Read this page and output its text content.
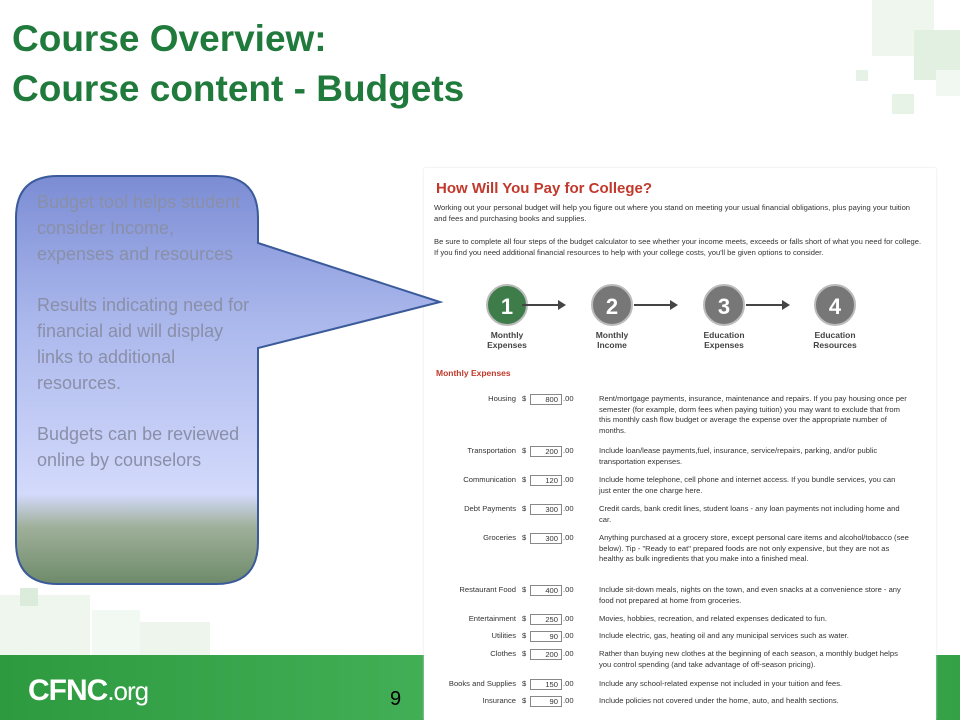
Course Overview:
Course content - Budgets
CFNC.org
How Will You Pay for College?
Working out your personal budget will help you figure out where you stand on meeting your usual financial obligations, plus paying your tuition and fees and purchasing books and supplies.
Be sure to complete all four steps of the budget calculator to see whether your income meets, exceeds or falls short of what you need for college. If you find you need additional financial resources to help with your college costs, you'll be given options to consider.
1
Monthly
Expenses
2
Monthly
Income
3
Education
Expenses
4
Education
Resources
Monthly Expenses
Housing $	800 .00	Rent/mortgage payments, insurance, maintenance and repairs. If you pay housing once per semester (for example, dorm fees when paying tuition) you may want to exclude that from this monthly cash flow budget or average the expense over the appropriate number of months.
Transportation $	200 .00	Include loan/lease payments,fuel, insurance, service/repairs, parking, and/or public transportation expenses.
Communication $	120 .00	Include home telephone, cell phone and internet access. If you bundle services, you can just enter the one charge here.
Debt Payments $	300 .00	Credit cards, bank credit lines, student loans - any loan payments not including home and car.
Groceries $	300 .00	Anything purchased at a grocery store, except personal care items and alcohol/tobacco (see below). Tip - "Ready to eat" prepared foods are not only expensive, but they are not as healthy as bulk ingredients that you make into a finished meal.
Restaurant Food $	400 .00	Include sit-down meals, nights on the town, and even snacks at a convenience store - any food not prepared at home from groceries.
Entertainment $	250 .00	Movies, hobbies, recreation, and related expenses dedicated to fun.
Utilities $	90 .00	Include electric, gas, heating oil and any municipal services such as water.
Clothes $	200 .00	Rather than buying new clothes at the beginning of each season, a monthly budget helps you control spending (and take advantage of off-season pricing).
Books and Supplies $	150 .00	Include any school-related expense not included in your tuition and fees.
Insurance $	90 .00	Include policies not covered under the home, auto, and health sections.

Budget tool helps student consider Income, expenses and resources

Results indicating need for financial aid will display links to additional resources.

Budgets can be reviewed online by counselors

9
